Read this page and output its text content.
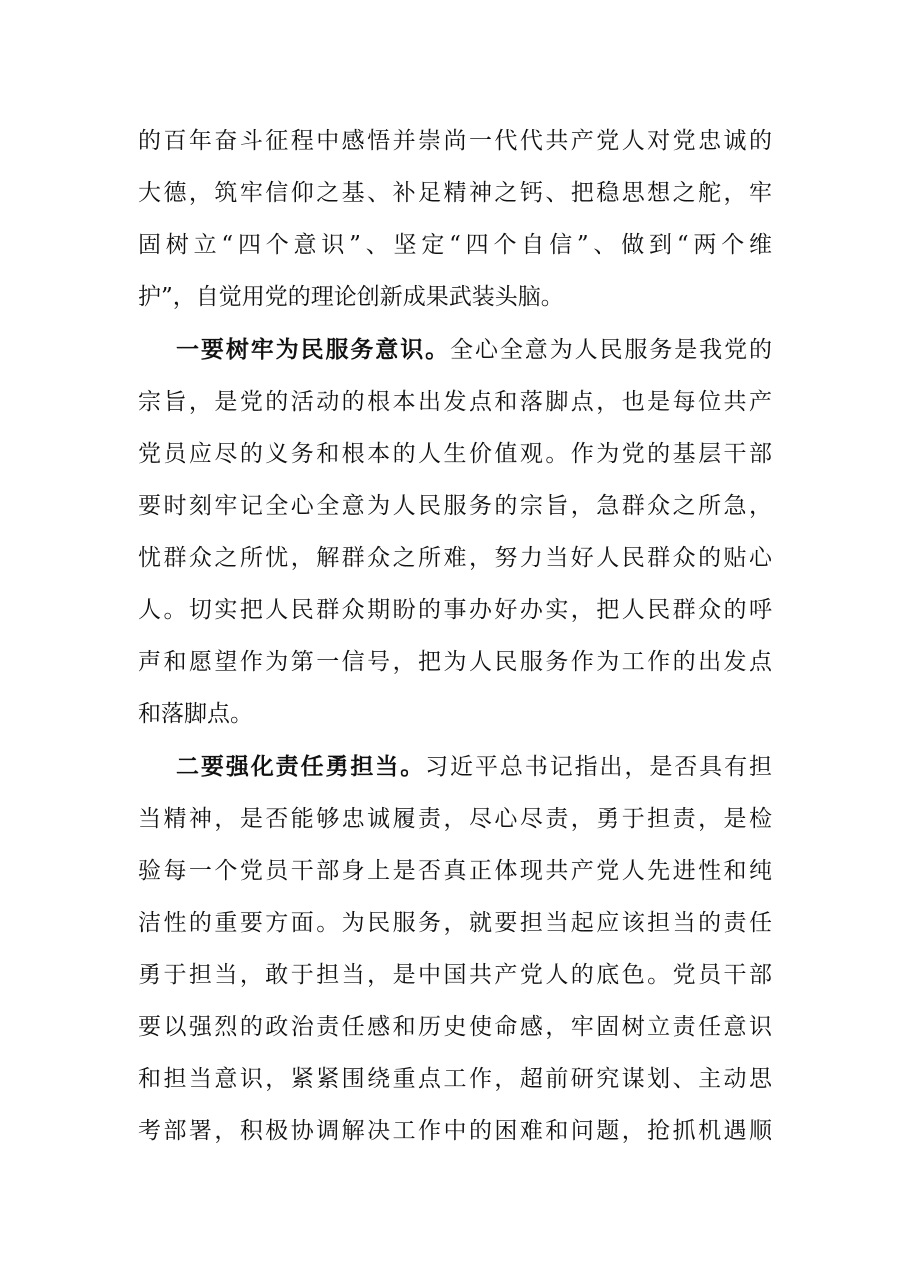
的百年奋斗征程中感悟并崇尚一代代共产党人对党忠诚的
大德，筑牢信仰之基、补足精神之钙、把稳思想之舵，牢
固树立“四个意识”、坚定“四个自信”、做到“两个维
护”，自觉用党的理论创新成果武装头脑。
一要树牢为民服务意识。全心全意为人民服务是我党的
宗旨，是党的活动的根本出发点和落脚点，也是每位共产
党员应尽的义务和根本的人生价值观。作为党的基层干部
要时刻牢记全心全意为人民服务的宗旨，急群众之所急，
忧群众之所忧，解群众之所难，努力当好人民群众的贴心
人。切实把人民群众期盼的事办好办实，把人民群众的呼
声和愿望作为第一信号，把为人民服务作为工作的出发点
和落脚点。
二要强化责任勇担当。习近平总书记指出，是否具有担
当精神，是否能够忠诚履责，尽心尽责，勇于担责，是检
验每一个党员干部身上是否真正体现共产党人先进性和纯
洁性的重要方面。为民服务，就要担当起应该担当的责任
勇于担当，敢于担当，是中国共产党人的底色。党员干部
要以强烈的政治责任感和历史使命感，牢固树立责任意识
和担当意识，紧紧围绕重点工作，超前研究谋划、主动思
考部署，积极协调解决工作中的困难和问题，抢抓机遇顺
